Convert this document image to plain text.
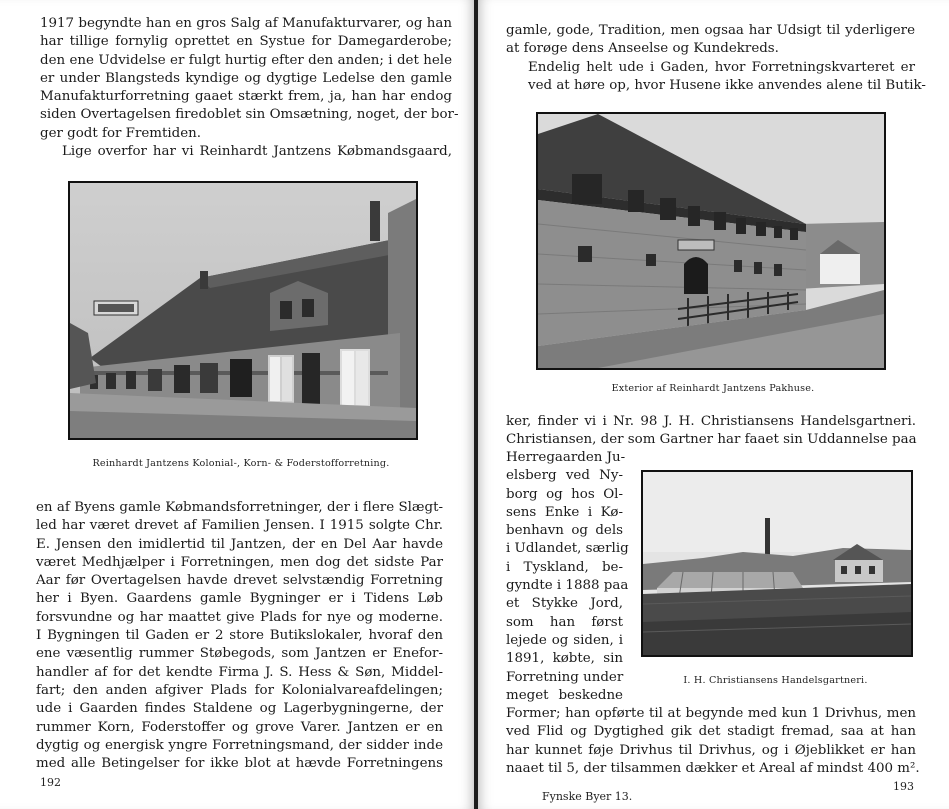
1917 begyndte han en gros Salg af Manufakturvarer, og han
har tillige fornylig oprettet en Systue for Damegarderobe;
den ene Udvidelse er fulgt hurtig efter den anden; i det hele
er under Blangsteds kyndige og dygtige Ledelse den gamle
Manufakturforretning gaaet stærkt frem, ja, han har endog
siden Overtagelsen firedoblet sin Omsætning, noget, der bor-
ger godt for Fremtiden.

Lige overfor har vi Reinhardt Jantzens Købmandsgaard,

Reinhardt Jantzens Kolonial-, Korn- & Foderstofforretning.

en af Byens gamle Købmandsforretninger, der i flere Slægt-
led har været drevet af Familien Jensen. I 1915 solgte Chr.
E. Jensen den imidlertid til Jantzen, der en Del Aar havde
været Medhjælper i Forretningen, men dog det sidste Par
Aar før Overtagelsen havde drevet selvstændig Forretning
her i Byen. Gaardens gamle Bygninger er i Tidens Løb
forsvundne og har maattet give Plads for nye og moderne.
I Bygningen til Gaden er 2 store Butikslokaler, hvoraf den
ene væsentlig rummer Støbegods, som Jantzen er Enefor-
handler af for det kendte Firma J. S. Hess & Søn, Middel-
fart; den anden afgiver Plads for Kolonialvareafdelingen;
ude i Gaarden findes Staldene og Lagerbygningerne, der
rummer Korn, Foderstoffer og grove Varer. Jantzen er en
dygtig og energisk yngre Forretningsmand, der sidder inde
med alle Betingelser for ikke blot at hævde Forretningens

192

gamle, gode, Tradition, men ogsaa har Udsigt til yderligere
at forøge dens Anseelse og Kundekreds.

Endelig helt ude i Gaden, hvor Forretningskvarteret er
ved at høre op, hvor Husene ikke anvendes alene til Butik-

Exterior af Reinhardt Jantzens Pakhuse.

ker, finder vi i Nr. 98 J. H. Christiansens Handelsgartneri.
Christiansen, der som Gartner har faaet sin Uddannelse paa

Herregaarden Ju-
elsberg ved Ny-
borg og hos Ol-
sens Enke i Kø-
benhavn og dels
i Udlandet, særlig
i Tyskland, be-
gyndte i 1888 paa
et Stykke Jord,
som han først
lejede og siden, i
1891, købte, sin
Forretning under
meget beskedne

I. H. Christiansens Handelsgartneri.

Former; han opførte til at begynde med kun 1 Drivhus, men
ved Flid og Dygtighed gik det stadigt fremad, saa at han
har kunnet føje Drivhus til Drivhus, og i Øjeblikket er han
naaet til 5, der tilsammen dækker et Areal af mindst 400 m².

Fynske Byer 13.
193
